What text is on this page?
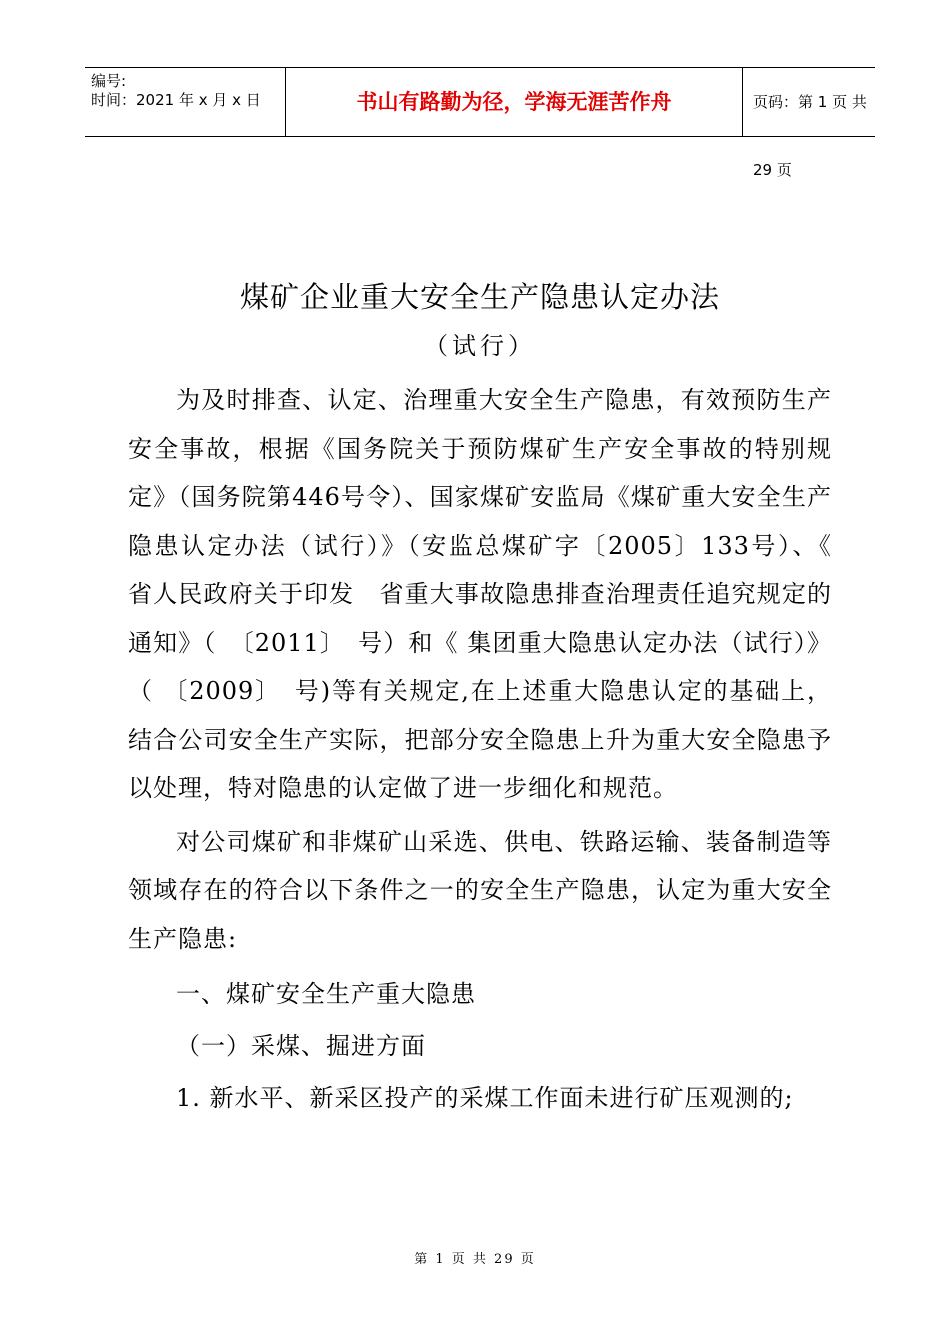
编号:
时间：2021 年 x 月 x 日	书山有路勤为径，学海无涯苦作舟	页码：第 1 页 共 29 页
煤矿企业重大安全生产隐患认定办法
（试行）

为及时排查、认定、治理重大安全生产隐患，有效预防生产安全事故，根据《国务院关于预防煤矿生产安全事故的特别规定》（国务院第446号令）、国家煤矿安监局《煤矿重大安全生产隐患认定办法（试行）》（安监总煤矿字〔2005〕133号）、《　省人民政府关于印发　省重大事故隐患排查治理责任追究规定的通知》（　〔2011〕　号）和《 集团重大隐患认定办法（试行）》（ 〔2009〕　号)等有关规定,在上述重大隐患认定的基础上，结合公司安全生产实际，把部分安全隐患上升为重大安全隐患予以处理，特对隐患的认定做了进一步细化和规范。

对公司煤矿和非煤矿山采选、供电、铁路运输、装备制造等领域存在的符合以下条件之一的安全生产隐患，认定为重大安全生产隐患:

一、煤矿安全生产重大隐患

（一）采煤、掘进方面

1. 新水平、新采区投产的采煤工作面未进行矿压观测的;

第 1 页 共 29 页
